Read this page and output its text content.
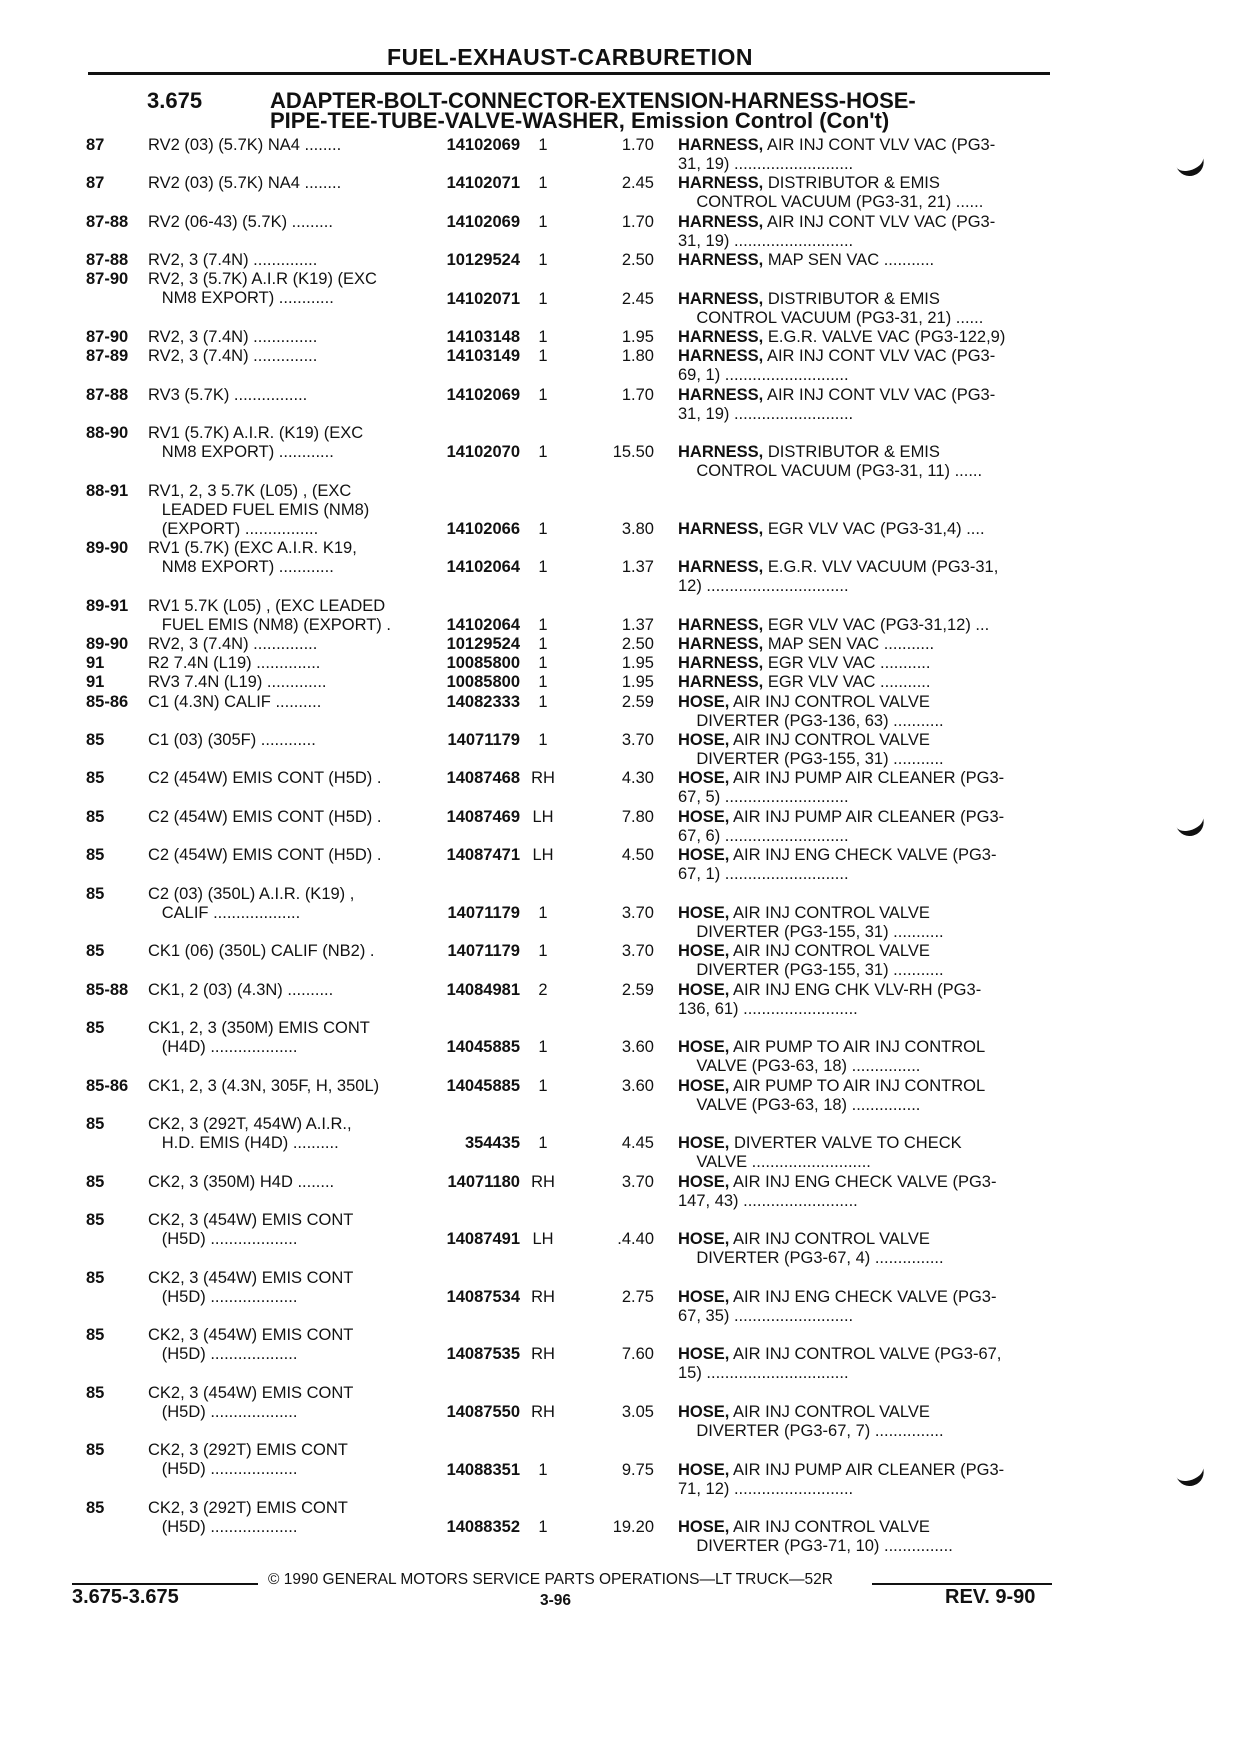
FUEL-EXHAUST-CARBURETION
3.675	ADAPTER-BOLT-CONNECTOR-EXTENSION-HARNESS-HOSE-
PIPE-TEE-TUBE-VALVE-WASHER, Emission Control (Con't)
87	RV2 (03) (5.7K) NA4 ........	14102069	1	1.70 HARNESS, AIR INJ CONT VLV VAC (PG3-
31, 19) ..........................
87	RV2 (03) (5.7K) NA4 ........	14102071	1	2.45 HARNESS, DISTRIBUTOR & EMIS
CONTROL VACUUM (PG3-31, 21) ......
87-88 RV2 (06-43) (5.7K) .........	14102069	1	1.70 HARNESS, AIR INJ CONT VLV VAC (PG3-
31, 19) ..........................
87-88 RV2, 3 (7.4N) ..............	10129524	1	2.50 HARNESS, MAP SEN VAC ...........
87-90 RV2, 3 (5.7K) A.I.R (K19) (EXC
NM8 EXPORT) ............	14102071	1	2.45 HARNESS, DISTRIBUTOR & EMIS
CONTROL VACUUM (PG3-31, 21) ......
87-90 RV2, 3 (7.4N) ..............	14103148	1	1.95 HARNESS, E.G.R. VALVE VAC (PG3-122,9)
87-89 RV2, 3 (7.4N) ..............	14103149	1	1.80 HARNESS, AIR INJ CONT VLV VAC (PG3-
69, 1) ...........................
87-88 RV3 (5.7K) ................	14102069	1	1.70 HARNESS, AIR INJ CONT VLV VAC (PG3-
31, 19) ..........................
88-90 RV1 (5.7K) A.I.R. (K19) (EXC
NM8 EXPORT) ............	14102070	1	15.50 HARNESS, DISTRIBUTOR & EMIS
CONTROL VACUUM (PG3-31, 11) ......
88-91 RV1, 2, 3 5.7K (L05) , (EXC
LEADED FUEL EMIS (NM8)
(EXPORT) ................	14102066	1	3.80 HARNESS, EGR VLV VAC (PG3-31,4) ....
89-90 RV1 (5.7K) (EXC A.I.R. K19,
NM8 EXPORT) ............	14102064	1	1.37 HARNESS, E.G.R. VLV VACUUM (PG3-31,
12) ...............................
89-91 RV1 5.7K (L05) , (EXC LEADED
FUEL EMIS (NM8) (EXPORT) .	14102064	1	1.37 HARNESS, EGR VLV VAC (PG3-31,12) ...
89-90 RV2, 3 (7.4N) ..............	10129524	1	2.50 HARNESS, MAP SEN VAC ...........
91	R2 7.4N (L19) ..............	10085800	1	1.95 HARNESS, EGR VLV VAC ...........
91	RV3 7.4N (L19) .............	10085800	1	1.95 HARNESS, EGR VLV VAC ...........
85-86 C1 (4.3N) CALIF ..........	14082333	1	2.59 HOSE, AIR INJ CONTROL VALVE
DIVERTER (PG3-136, 63) ...........
85	C1 (03) (305F) ............	14071179	1	3.70 HOSE, AIR INJ CONTROL VALVE
DIVERTER (PG3-155, 31) ...........
85	C2 (454W) EMIS CONT (H5D) .	14087468 RH	4.30 HOSE, AIR INJ PUMP AIR CLEANER (PG3-
67, 5) ...........................
85	C2 (454W) EMIS CONT (H5D) .	14087469 LH	7.80 HOSE, AIR INJ PUMP AIR CLEANER (PG3-
67, 6) ...........................
85	C2 (454W) EMIS CONT (H5D) .	14087471 LH	4.50 HOSE, AIR INJ ENG CHECK VALVE (PG3-
67, 1) ...........................
85	C2 (03) (350L) A.I.R. (K19) ,
CALIF ...................	14071179	1	3.70 HOSE, AIR INJ CONTROL VALVE
DIVERTER (PG3-155, 31) ...........
85	CK1 (06) (350L) CALIF (NB2) .	14071179	1	3.70 HOSE, AIR INJ CONTROL VALVE
DIVERTER (PG3-155, 31) ...........
85-88 CK1, 2 (03) (4.3N) ..........	14084981	2	2.59 HOSE, AIR INJ ENG CHK VLV-RH (PG3-
136, 61) .........................
85	CK1, 2, 3 (350M) EMIS CONT
(H4D) ...................	14045885	1	3.60 HOSE, AIR PUMP TO AIR INJ CONTROL
VALVE (PG3-63, 18) ...............
85-86 CK1, 2, 3 (4.3N, 305F, H, 350L)	14045885	1	3.60 HOSE, AIR PUMP TO AIR INJ CONTROL
VALVE (PG3-63, 18) ...............
85	CK2, 3 (292T, 454W) A.I.R.,
H.D. EMIS (H4D) ..........	354435	1	4.45 HOSE, DIVERTER VALVE TO CHECK
VALVE ..........................
85	CK2, 3 (350M) H4D ........	14071180 RH	3.70 HOSE, AIR INJ ENG CHECK VALVE (PG3-
147, 43) .........................
85	CK2, 3 (454W) EMIS CONT
(H5D) ...................	14087491 LH	.4.40 HOSE, AIR INJ CONTROL VALVE
DIVERTER (PG3-67, 4) ...............
85	CK2, 3 (454W) EMIS CONT
(H5D) ...................	14087534 RH	2.75 HOSE, AIR INJ ENG CHECK VALVE (PG3-
67, 35) ..........................
85	CK2, 3 (454W) EMIS CONT
(H5D) ...................	14087535 RH	7.60 HOSE, AIR INJ CONTROL VALVE (PG3-67,
15) ...............................
85	CK2, 3 (454W) EMIS CONT
(H5D) ...................	14087550 RH	3.05 HOSE, AIR INJ CONTROL VALVE
DIVERTER (PG3-67, 7) ...............
85	CK2, 3 (292T) EMIS CONT
(H5D) ...................	14088351	1	9.75 HOSE, AIR INJ PUMP AIR CLEANER (PG3-
71, 12) ..........................
85	CK2, 3 (292T) EMIS CONT
(H5D) ...................	14088352	1	19.20 HOSE, AIR INJ CONTROL VALVE
DIVERTER (PG3-71, 10) ...............
© 1990 GENERAL MOTORS SERVICE PARTS OPERATIONS—LT TRUCK—52R
3.675-3.675	3-96	REV. 9-90
